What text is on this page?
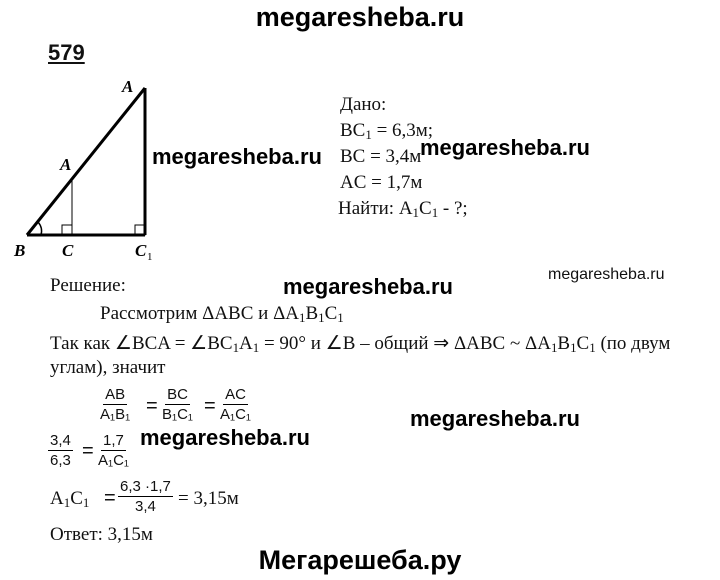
megaresheba.ru
megaresheba.ru	megaresheba.ru
megaresheba.ru
megaresheba.ru
megaresheba.ru
megaresheba.ru
Мегарешеба.ру
579
A
A
B C	C 1
Дано:
$BC_1 = 6,3м$;
BC = 3,4м
AC = 1,7м
Найти: $A_1C_1$ - ?;
Решение:
Рассмотрим ΔABC и $\Delta A_1B_1C_1$
Так как ∠BCA = $\angle BC_1A_1 = 90^\circ$ и ∠B – общий ⇒ ΔABC ~ $\Delta A_1B_1C_1$ (по двум
углам), значит
$\frac{AB}{\text{A₁B₁}} = \frac{BC}{\text{B₁C₁}} = \frac{AC}{\text{A₁C₁}}$
$\frac{3,4}{6,3} = \frac{1,7}{\text{A₁C₁}}$
$A_1C_1 = \frac{6,3 \cdot 1,7}{3,4} = 3,15м$
Ответ: 3,15м
